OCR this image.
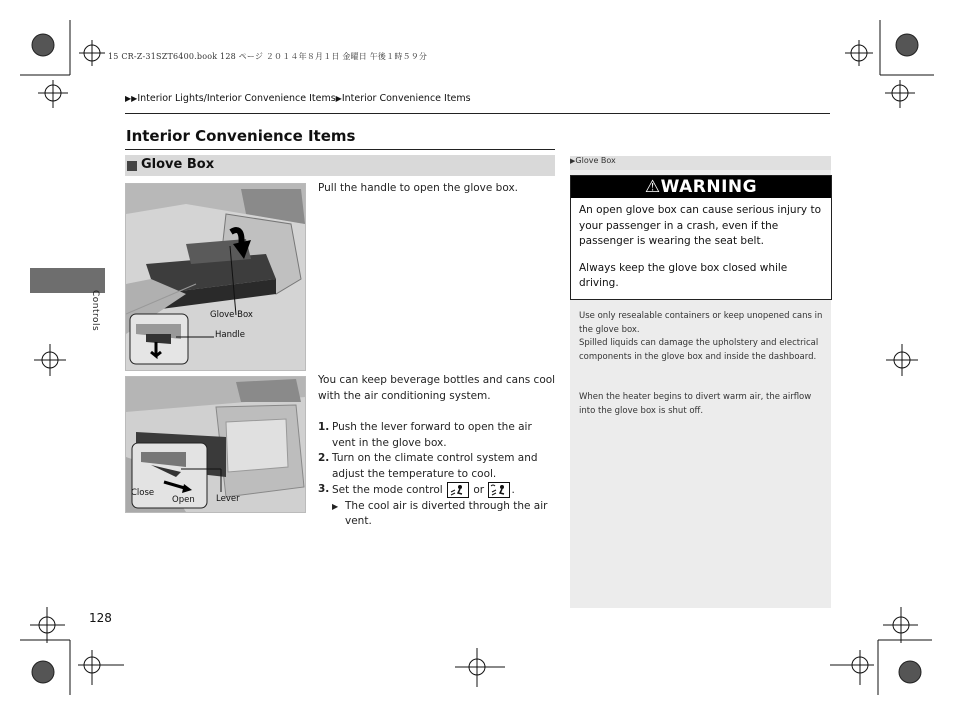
15 CR-Z-31SZT6400.book 128 ページ ２０１４年８月１日 金曜日 午後１時５９分
▶▶Interior Lights/Interior Convenience Items▶Interior Convenience Items
Interior Convenience Items
Glove Box
Controls	Glove Box
Handle
Pull the handle to open the glove box.
Close
Open	Lever
You can keep beverage bottles and cans cool with the air conditioning system.
1. Push the lever forward to open the air vent in the glove box.
2. Turn on the climate control system and adjust the temperature to cool.
3. Set the mode control	or	.
▶ The cool air is diverted through the air vent.
▶Glove Box
⚠WARNING
An open glove box can cause serious injury to your passenger in a crash, even if the passenger is wearing the seat belt.
Always keep the glove box closed while driving.
Use only resealable containers or keep unopened cans in the glove box.
Spilled liquids can damage the upholstery and electrical components in the glove box and inside the dashboard.
When the heater begins to divert warm air, the airflow into the glove box is shut off.
128
